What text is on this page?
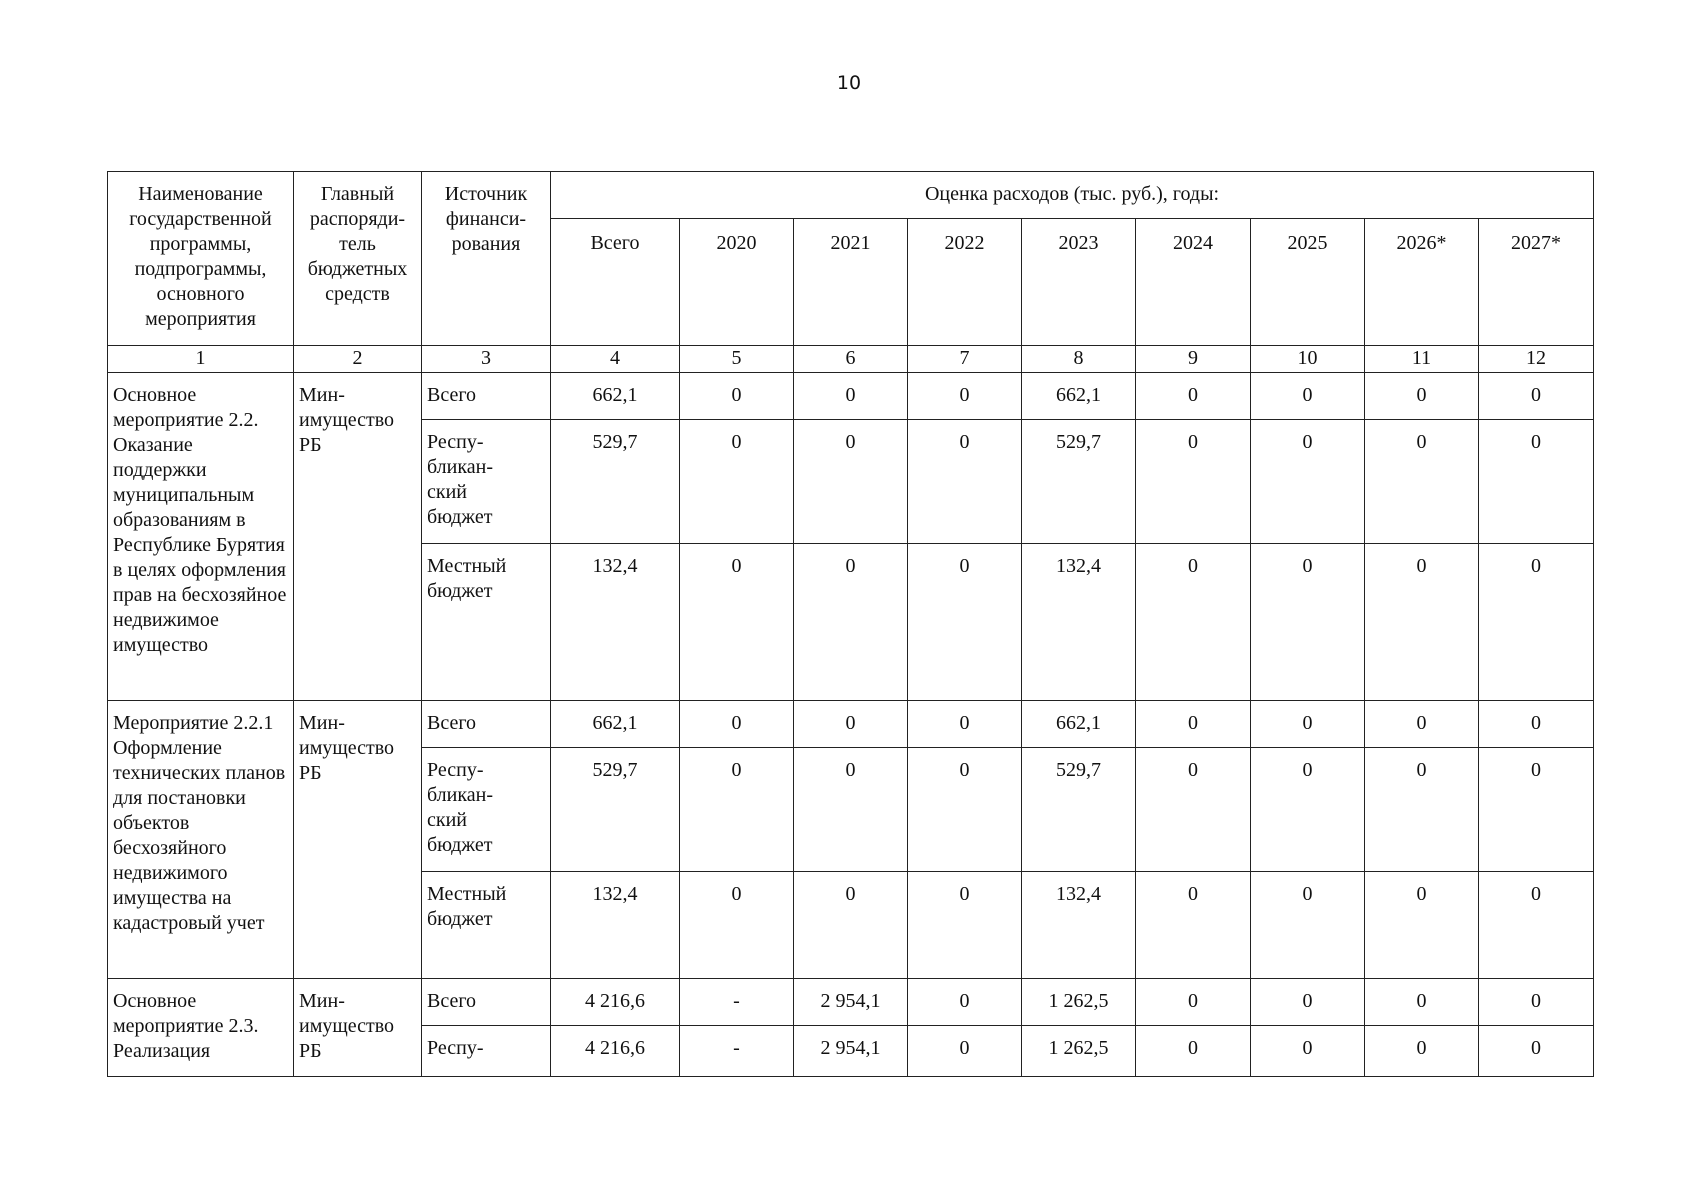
10
Наименование государственной программы, подпрограммы, основного мероприятия	Главный распоряди-тель бюджетных средств	Источник финанси-рования	Оценка расходов (тыс. руб.), годы:								
			Всего	2020	2021	2022	2023	2024	2025	2026*	2027*
1	2	3	4	5	6	7	8	9	10	11	12
Основное мероприятие 2.2. Оказание поддержки муниципальным образованиям в Республике Бурятия в целях оформления прав на бесхозяйное недвижимое имущество	Мин-имущество РБ	Всего	662,1	0	0	0	662,1	0	0	0	0

		Респу-бликан-ский бюджет	529,7	0	0	0	529,7	0	0	0	0
		Местный бюджет	132,4	0	0	0	132,4	0	0	0	0
Мероприятие 2.2.1 Оформление технических планов для постановки объектов бесхозяйного недвижимого имущества на кадастровый учет	Мин-имущество РБ	Всего	662,1	0	0	0	662,1	0	0	0	0

		Респу-бликан-ский бюджет	529,7	0	0	0	529,7	0	0	0	0
		Местный бюджет	132,4	0	0	0	132,4	0	0	0	0
Основное мероприятие 2.3. Реализация	Мин-имущество РБ	Всего	4 216,6	-	2 954,1	0	1 262,5	0	0	0	0
		Респу-	4 216,6	-	2 954,1	0	1 262,5	0	0	0	0
